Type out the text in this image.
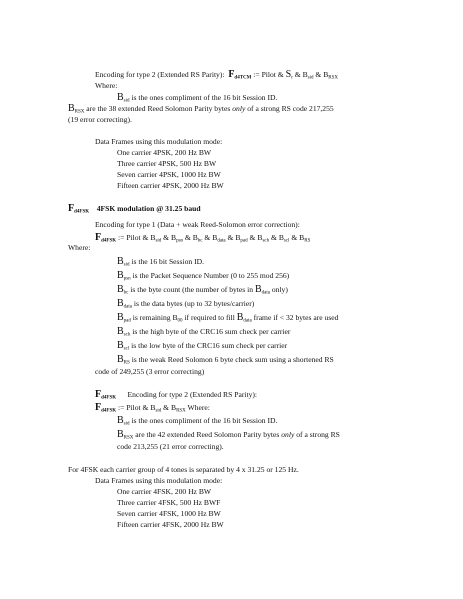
Encoding for type 2 (Extended RS Parity): $F_{d4TCM}$ := Pilot & $S_r$ & $B_{sid}$ & $B_{RSX}$
Where:
$B_{sid}$ is the ones compliment of the 16 bit Session ID.
$B_{RSX}$ are the 38 extended Reed Solomon Parity bytes only of a strong RS code 217,255
(19 error correcting).
Data Frames using this modulation mode:
One carrier 4PSK, 200 Hz BW
Three carrier 4PSK, 500 Hz BW
Seven carrier 4PSK, 1000 Hz BW
Fifteen carrier 4PSK, 2000 Hz BW
$F_{d4FSK}$ 4FSK modulation @ 31.25 baud
Encoding for type 1 (Data + weak Reed-Solomon error correction):
$F_{d4FSK}$ := Pilot & $B_{sid}$ & $B_{psn}$ & $B_{bc}$ & $B_{data}$ & $B_{pad}$ & $B_{sch}$ & $B_{scl}$ & $B_{RS}$
Where:
$B_{sid}$ is the 16 bit Session ID.
$B_{psn}$ is the Packet Sequence Number (0 to 255 mod 256)
$B_{bc}$ is the byte count (the number of bytes in $B_{data}$ only)
$B_{data}$ is the data bytes (up to 32 bytes/carrier)
$B_{pad}$ is remaining $B_{00}$ if required to fill $B_{data}$ frame if < 32 bytes are used
$B_{sch}$ is the high byte of the CRC16 sum check per carrier
$B_{scl}$ is the low byte of the CRC16 sum check per carrier
$B_{RS}$ is the weak Reed Solomon 6 byte check sum using a shortened RS
code of 249,255 (3 error correcting)
$F_{d4FSK}$ Encoding for type 2 (Extended RS Parity):
$F_{d4FSK}$ := Pilot & $B_{sid}$ & $B_{RSX}$ Where:
$B_{sid}$ is the ones compliment of the 16 bit Session ID.
$B_{RSX}$ are the 42 extended Reed Solomon Parity bytes only of a strong RS
code 213,255 (21 error correcting).
For 4FSK each carrier group of 4 tones is separated by 4 x 31.25 or 125 Hz.
Data Frames using this modulation mode:
One carrier 4FSK, 200 Hz BW
Three carrier 4FSK, 500 Hz BWF
Seven carrier 4FSK, 1000 Hz BW
Fifteen carrier 4FSK, 2000 Hz BW
